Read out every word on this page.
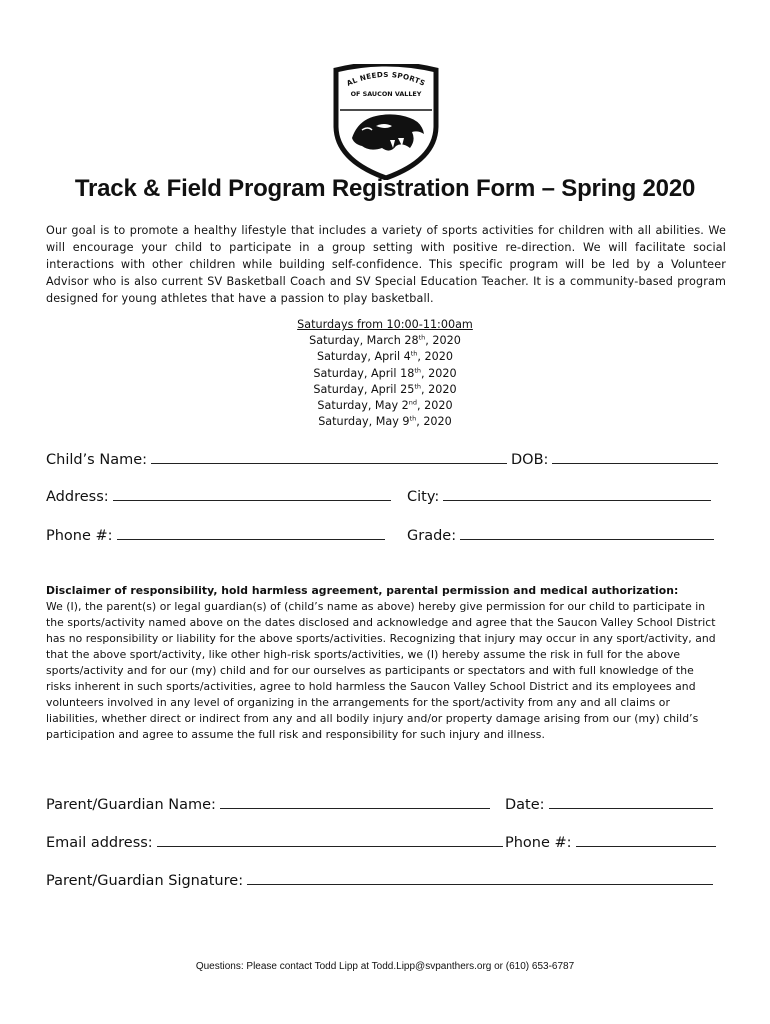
AL NEEDS SPORTS
OF SAUCON VALLEY
Track & Field Program Registration Form – Spring 2020
Our goal is to promote a healthy lifestyle that includes a variety of sports activities for children with all abilities. We will encourage your child to participate in a group setting with positive re-direction. We will facilitate social interactions with other children while building self-confidence. This specific program will be led by a Volunteer Advisor who is also current SV Basketball Coach and SV Special Education Teacher. It is a community-based program designed for young athletes that have a passion to play basketball.
Saturdays from 10:00-11:00am
Saturday, March 28th, 2020
Saturday, April 4th, 2020
Saturday, April 18th, 2020
Saturday, April 25th, 2020
Saturday, May 2nd, 2020
Saturday, May 9th, 2020
Child’s Name:	DOB:
Address:	City:
Phone #:	Grade:
Disclaimer of responsibility, hold harmless agreement, parental permission and medical authorization:
We (I), the parent(s) or legal guardian(s) of (child’s name as above) hereby give permission for our child to participate in the sports/activity named above on the dates disclosed and acknowledge and agree that the Saucon Valley School District has no responsibility or liability for the above sports/activities. Recognizing that injury may occur in any sport/activity, and that the above sport/activity, like other high-risk sports/activities, we (I) hereby assume the risk in full for the above sports/activity and for our (my) child and for our ourselves as participants or spectators and with full knowledge of the risks inherent in such sports/activities, agree to hold harmless the Saucon Valley School District and its employees and volunteers involved in any level of organizing in the arrangements for the sport/activity from any and all claims or liabilities, whether direct or indirect from any and all bodily injury and/or property damage arising from our (my) child’s participation and agree to assume the full risk and responsibility for such injury and illness.
Parent/Guardian Name:	Date:
Email address:	Phone #:
Parent/Guardian Signature:
Questions: Please contact Todd Lipp at Todd.Lipp@svpanthers.org or (610) 653-6787
